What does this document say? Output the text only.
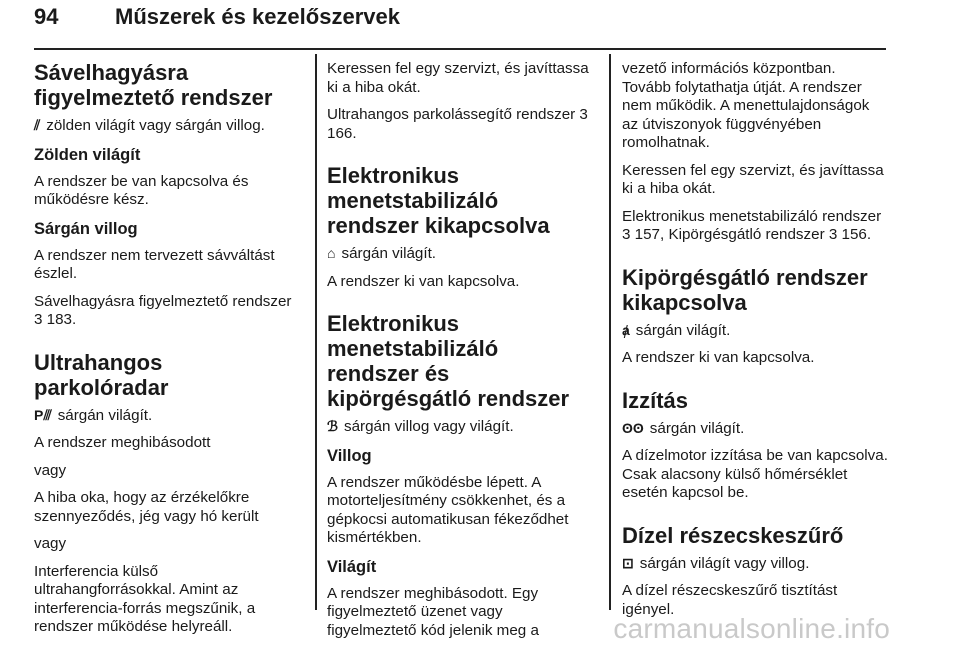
94	Műszerek és kezelőszervek
Sávelhagyásra figyelmeztető rendszer

⫽ zölden világít vagy sárgán villog.

Zölden világít

A rendszer be van kapcsolva és működésre kész.

Sárgán villog

A rendszer nem tervezett sávváltást észlel.

Sávelhagyásra figyelmeztető rendszer 3 183.

Ultrahangos parkolóradar

P⫻ sárgán világít.

A rendszer meghibásodott

vagy

A hiba oka, hogy az érzékelőkre szennyeződés, jég vagy hó került

vagy

Interferencia külső ultrahangforrásokkal. Amint az interferencia-forrás megszűnik, a rendszer működése helyreáll.

Keressen fel egy szervizt, és javíttassa ki a hiba okát.

Ultrahangos parkolássegítő rendszer 3 166.

Elektronikus menetstabilizáló rendszer kikapcsolva

⌂ sárgán világít.

A rendszer ki van kapcsolva.

Elektronikus menetstabilizáló rendszer és kipörgésgátló rendszer

ℬ sárgán villog vagy világít.

Villog

A rendszer működésbe lépett. A motorteljesítmény csökkenhet, és a gépkocsi automatikusan fékeződhet kismértékben.

Világít

A rendszer meghibásodott. Egy figyelmeztető üzenet vagy figyelmeztető kód jelenik meg a

vezető információs központban. Tovább folytathatja útját. A rendszer nem működik. A menettulajdonságok az útviszonyok függvényében romolhatnak.

Keressen fel egy szervizt, és javíttassa ki a hiba okát.

Elektronikus menetstabilizáló rendszer 3 157, Kipörgésgátló rendszer 3 156.

Kipörgésgátló rendszer kikapcsolva

ⱥ sárgán világít.

A rendszer ki van kapcsolva.

Izzítás

ʘʘ sárgán világít.

A dízelmotor izzítása be van kapcsolva. Csak alacsony külső hőmérséklet esetén kapcsol be.

Dízel részecskeszűrő

⊡ sárgán világít vagy villog.

A dízel részecskeszűrő tisztítást igényel.

carmanualsonline.info
